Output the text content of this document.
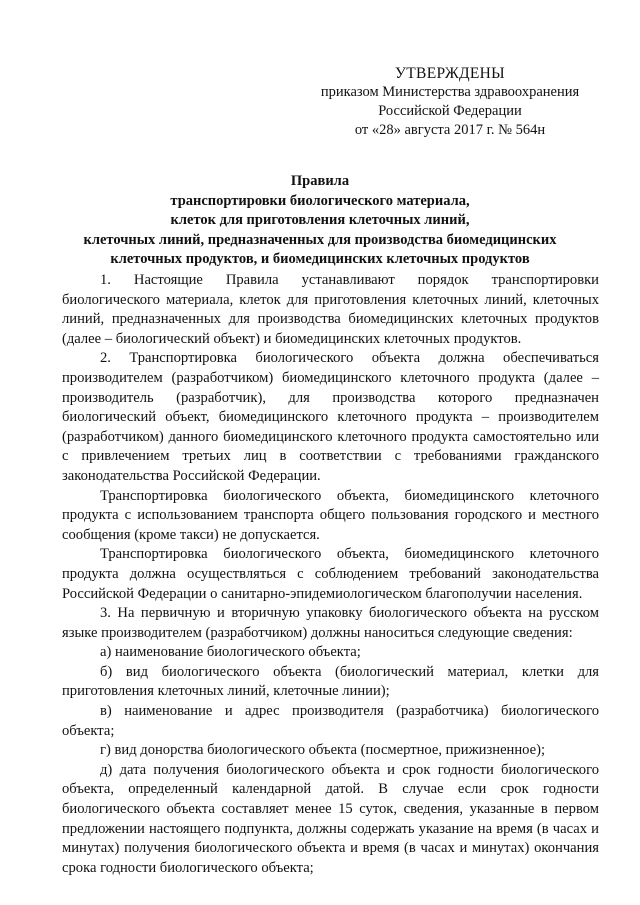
УТВЕРЖДЕНЫ
приказом Министерства здравоохранения
Российской Федерации
от «28» августа 2017 г. № 564н
Правила
транспортировки биологического материала,
клеток для приготовления клеточных линий,
клеточных линий, предназначенных для производства биомедицинских
клеточных продуктов, и биомедицинских клеточных продуктов

1. Настоящие Правила устанавливают порядок транспортировки биологического материала, клеток для приготовления клеточных линий, клеточных линий, предназначенных для производства биомедицинских клеточных продуктов (далее – биологический объект) и биомедицинских клеточных продуктов.

2. Транспортировка биологического объекта должна обеспечиваться производителем (разработчиком) биомедицинского клеточного продукта (далее – производитель (разработчик), для производства которого предназначен биологический объект, биомедицинского клеточного продукта – производителем (разработчиком) данного биомедицинского клеточного продукта самостоятельно или с привлечением третьих лиц в соответствии с требованиями гражданского законодательства Российской Федерации.

Транспортировка биологического объекта, биомедицинского клеточного продукта с использованием транспорта общего пользования городского и местного сообщения (кроме такси) не допускается.

Транспортировка биологического объекта, биомедицинского клеточного продукта должна осуществляться с соблюдением требований законодательства Российской Федерации о санитарно-эпидемиологическом благополучии населения.

3. На первичную и вторичную упаковку биологического объекта на русском языке производителем (разработчиком) должны наноситься следующие сведения:

а) наименование биологического объекта;

б) вид биологического объекта (биологический материал, клетки для приготовления клеточных линий, клеточные линии);

в) наименование и адрес производителя (разработчика) биологического объекта;

г) вид донорства биологического объекта (посмертное, прижизненное);

д) дата получения биологического объекта и срок годности биологического объекта, определенный календарной датой. В случае если срок годности биологического объекта составляет менее 15 суток, сведения, указанные в первом предложении настоящего подпункта, должны содержать указание на время (в часах и минутах) получения биологического объекта и время (в часах и минутах) окончания срока годности биологического объекта;
